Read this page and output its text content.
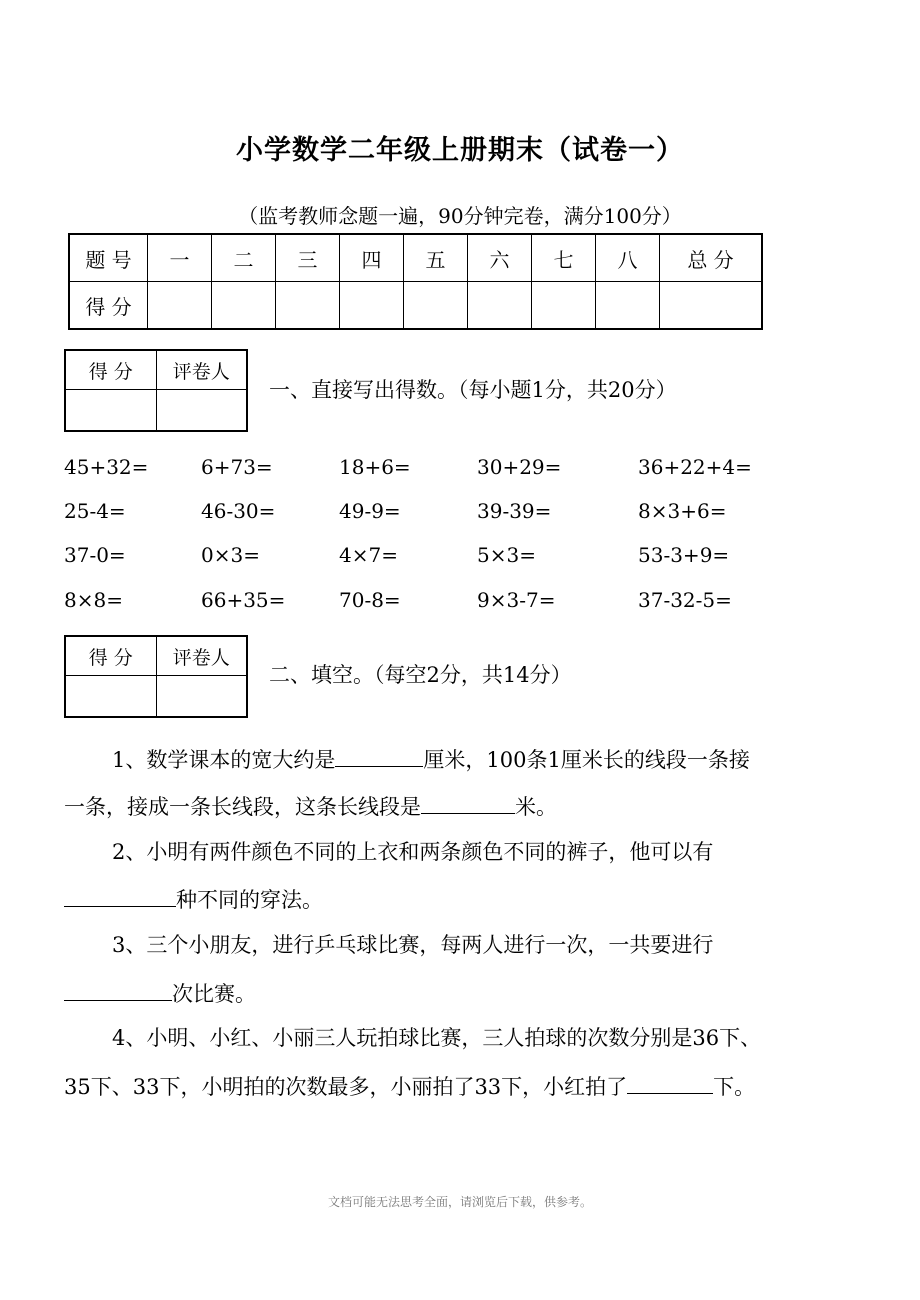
小学数学二年级上册期末（试卷一）
（监考教师念题一遍，90分钟完卷，满分100分）
题 号	一	二	三	四	五	六	七	八	总 分
得 分									
得 分	评卷人

一、直接写出得数。（每小题1分，共20分）
45+32=	6+73=	18+6=	30+29=	36+22+4=
25-4=	46-30=	49-9=	39-39=	8×3+6=
37-0=	0×3=	4×7=	5×3=	53-3+9=
8×8=	66+35=	70-8=	9×3-7=	37-32-5=
得 分	评卷人

二、填空。（每空2分，共14分）
1、数学课本的宽大约是	厘米，100条1厘米长的线段一条接
一条，接成一条长线段，这条长线段是	米。
2、小明有两件颜色不同的上衣和两条颜色不同的裤子，他可以有
种不同的穿法。
3、三个小朋友，进行乒乓球比赛，每两人进行一次，一共要进行
次比赛。
4、小明、小红、小丽三人玩拍球比赛，三人拍球的次数分别是36下、
35下、33下，小明拍的次数最多，小丽拍了33下，小红拍了	下。
文档可能无法思考全面，请浏览后下载，供参考。
